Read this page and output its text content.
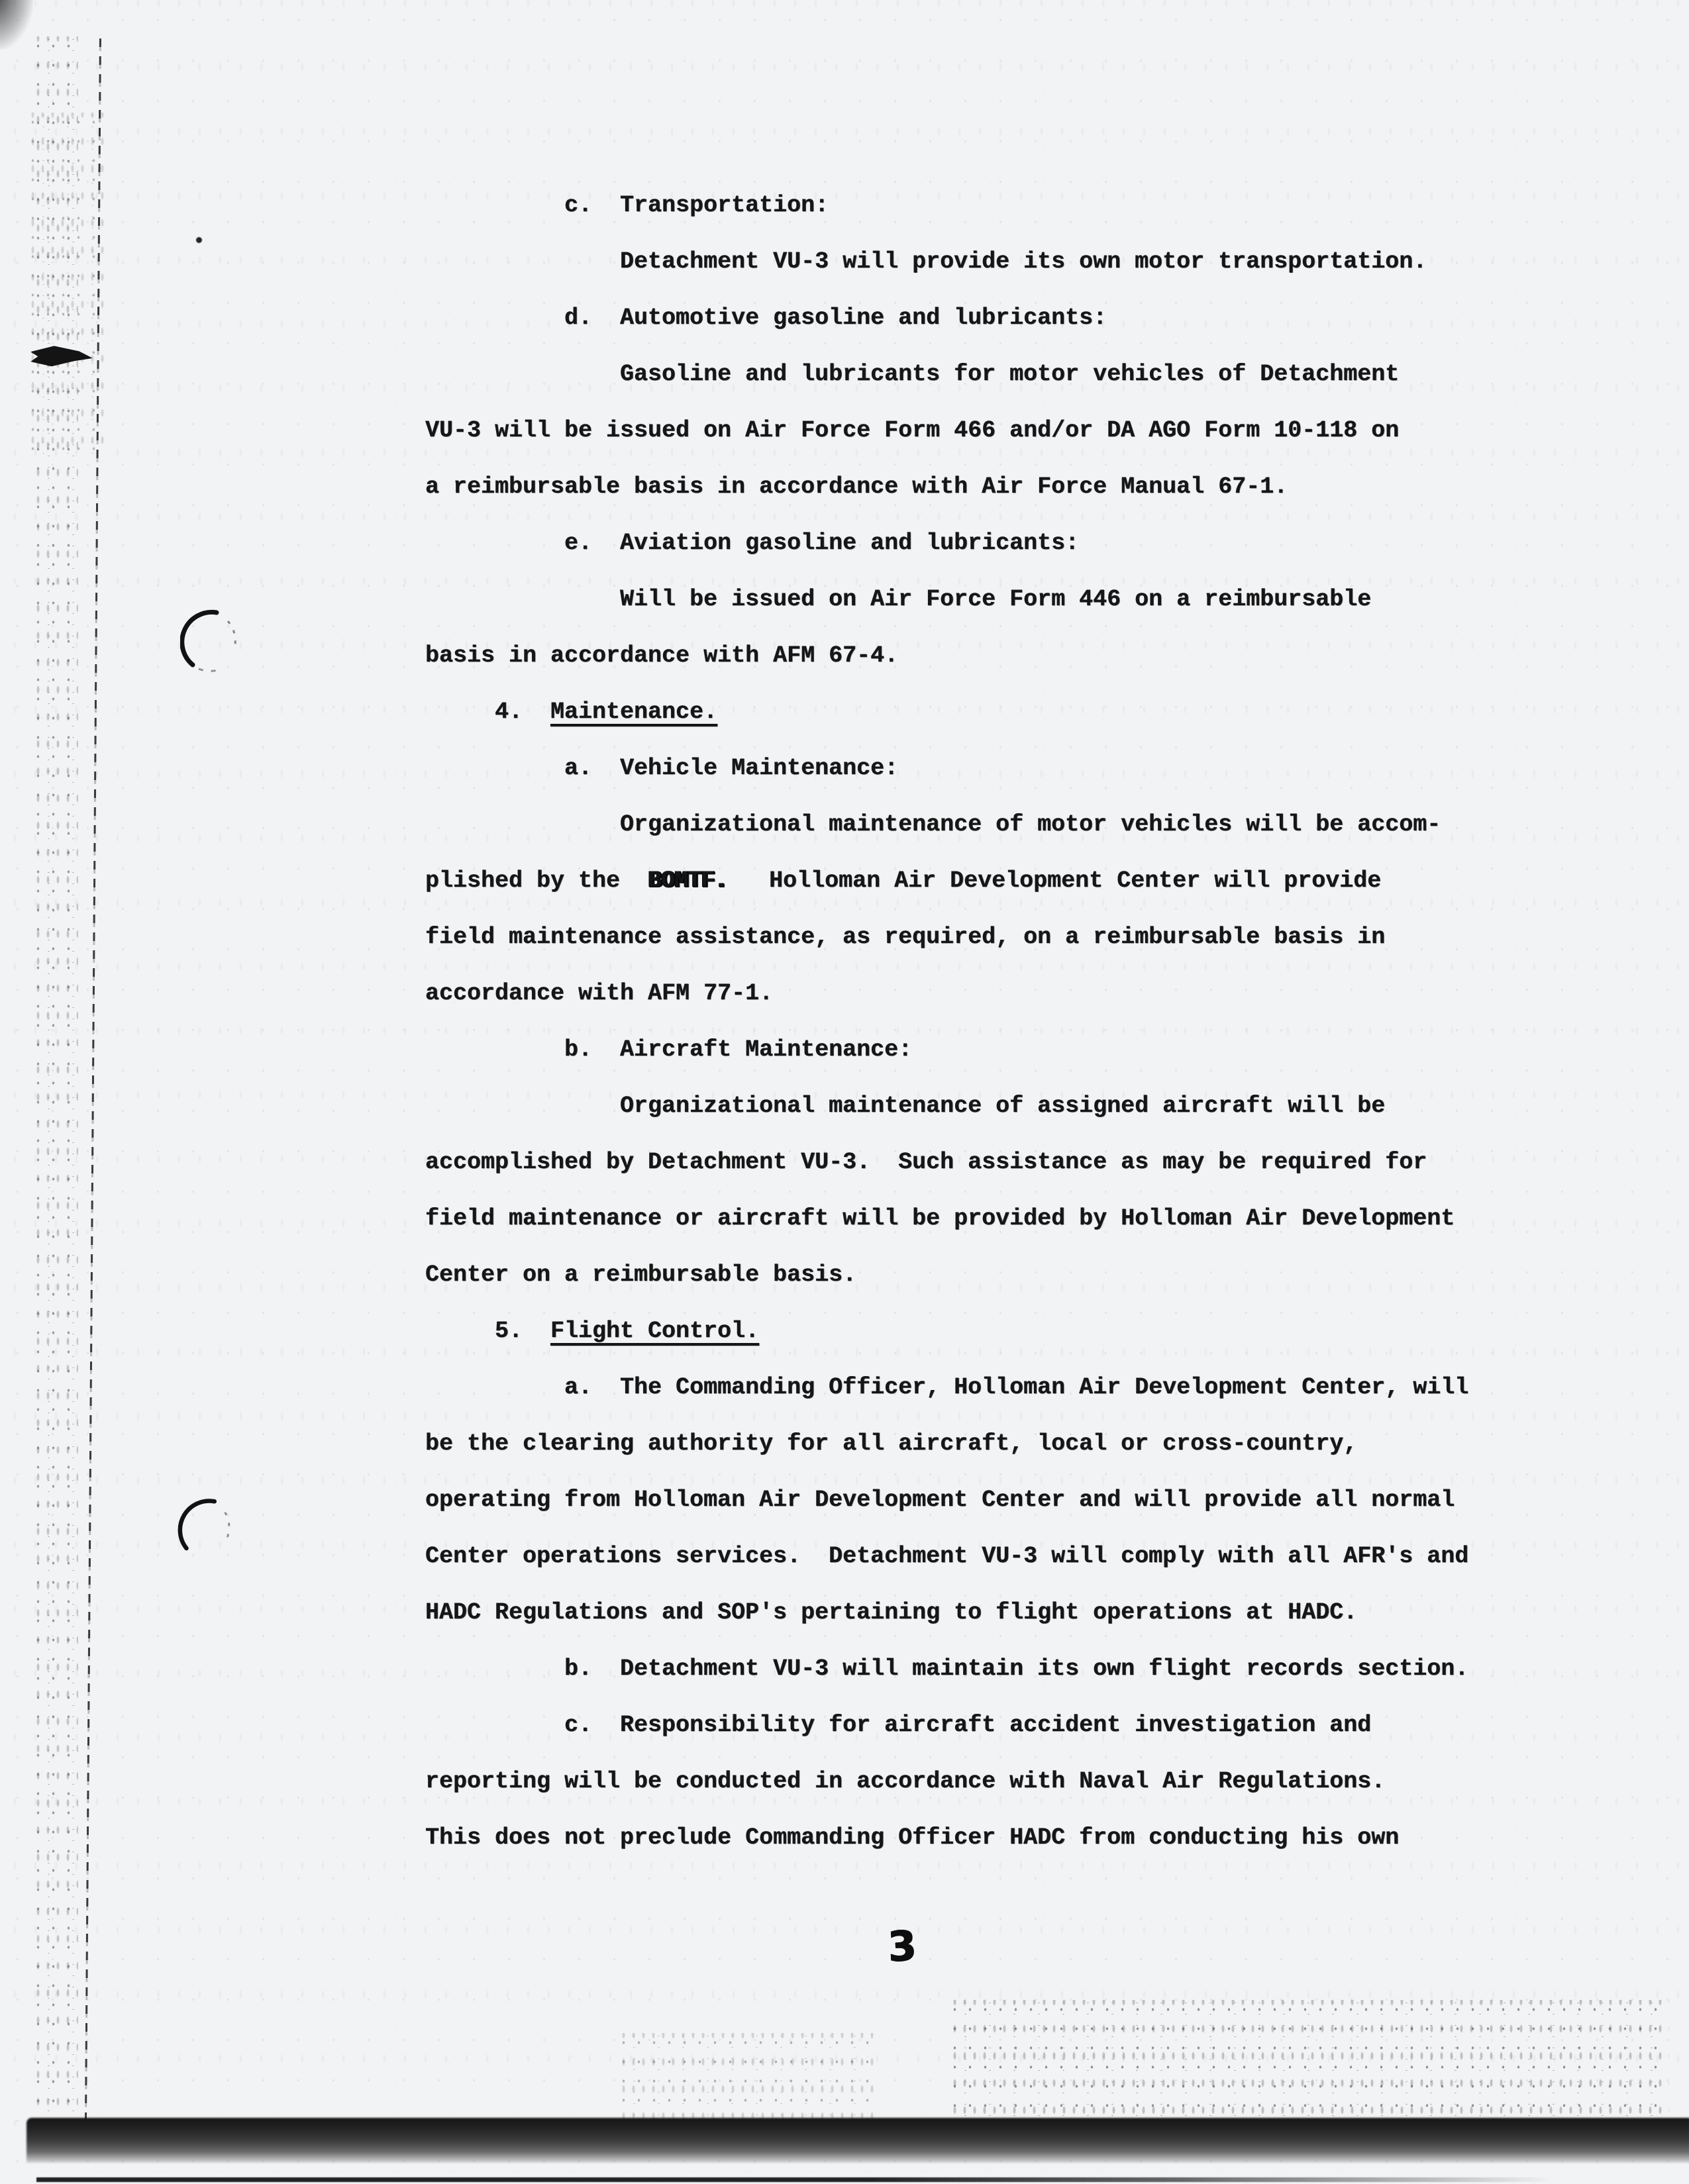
c.  Transportation:
Detachment VU-3 will provide its own motor transportation.
d.  Automotive gasoline and lubricants:
Gasoline and lubricants for motor vehicles of Detachment
VU-3 will be issued on Air Force Form 466 and/or DA AGO Form 10-118 on
a reimbursable basis in accordance with Air Force Manual 67-1.
e.  Aviation gasoline and lubricants:
Will be issued on Air Force Form 446 on a reimbursable
basis in accordance with AFM 67-4.
4.  Maintenance.
a.  Vehicle Maintenance:
Organizational maintenance of motor vehicles will be accom-
plished by the  BOMTF.   Holloman Air Development Center will provide
field maintenance assistance, as required, on a reimbursable basis in
accordance with AFM 77-1.
b.  Aircraft Maintenance:
Organizational maintenance of assigned aircraft will be
accomplished by Detachment VU-3.  Such assistance as may be required for
field maintenance or aircraft will be provided by Holloman Air Development
Center on a reimbursable basis.
5.  Flight Control.
a.  The Commanding Officer, Holloman Air Development Center, will
be the clearing authority for all aircraft, local or cross-country,
operating from Holloman Air Development Center and will provide all normal
Center operations services.  Detachment VU-3 will comply with all AFR's and
HADC Regulations and SOP's pertaining to flight operations at HADC.
b.  Detachment VU-3 will maintain its own flight records section.
c.  Responsibility for aircraft accident investigation and
reporting will be conducted in accordance with Naval Air Regulations.
This does not preclude Commanding Officer HADC from conducting his own
3
